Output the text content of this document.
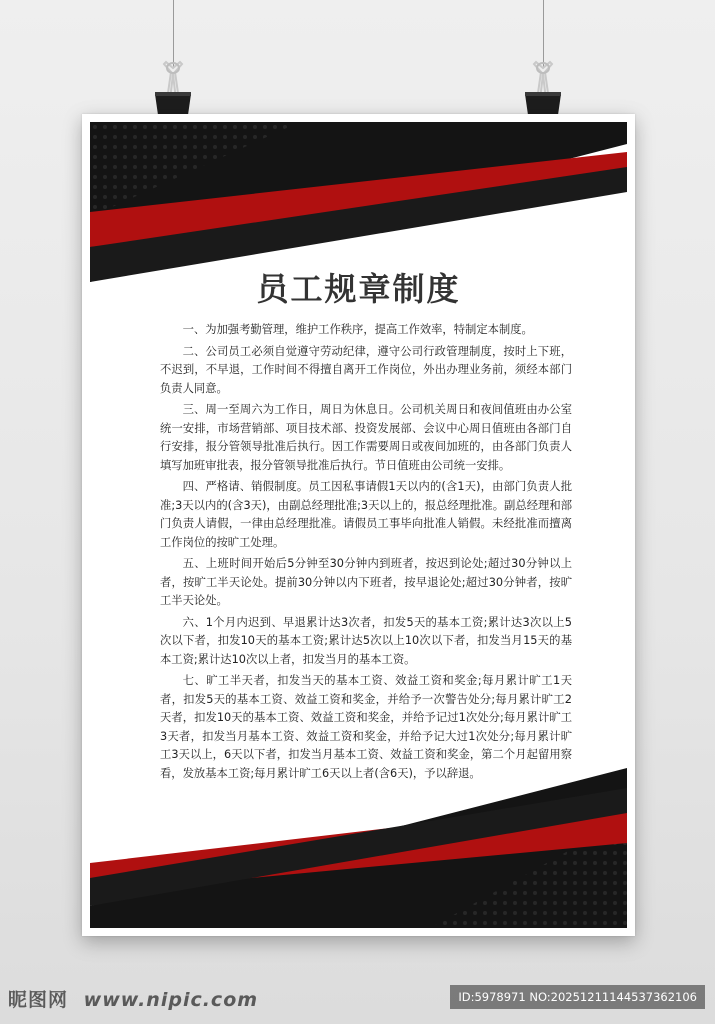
员工规章制度

一、为加强考勤管理，维护工作秩序，提高工作效率，特制定本制度。

二、公司员工必须自觉遵守劳动纪律，遵守公司行政管理制度，按时上下班，不迟到，不早退，工作时间不得擅自离开工作岗位，外出办理业务前，须经本部门负责人同意。

三、周一至周六为工作日，周日为休息日。公司机关周日和夜间值班由办公室统一安排，市场营销部、项目技术部、投资发展部、会议中心周日值班由各部门自行安排，报分管领导批准后执行。因工作需要周日或夜间加班的，由各部门负责人填写加班审批表，报分管领导批准后执行。节日值班由公司统一安排。

四、严格请、销假制度。员工因私事请假1天以内的(含1天)，由部门负责人批准;3天以内的(含3天)，由副总经理批准;3天以上的，报总经理批准。副总经理和部门负责人请假，一律由总经理批准。请假员工事毕向批准人销假。未经批准而擅离工作岗位的按旷工处理。

五、上班时间开始后5分钟至30分钟内到班者，按迟到论处;超过30分钟以上者，按旷工半天论处。提前30分钟以内下班者，按早退论处;超过30分钟者，按旷工半天论处。

六、1个月内迟到、早退累计达3次者，扣发5天的基本工资;累计达3次以上5次以下者，扣发10天的基本工资;累计达5次以上10次以下者，扣发当月15天的基本工资;累计达10次以上者，扣发当月的基本工资。

七、旷工半天者，扣发当天的基本工资、效益工资和奖金;每月累计旷工1天者，扣发5天的基本工资、效益工资和奖金，并给予一次警告处分;每月累计旷工2天者，扣发10天的基本工资、效益工资和奖金，并给予记过1次处分;每月累计旷工3天者，扣发当月基本工资、效益工资和奖金，并给予记大过1次处分;每月累计旷工3天以上，6天以下者，扣发当月基本工资、效益工资和奖金，第二个月起留用察看，发放基本工资;每月累计旷工6天以上者(含6天)，予以辞退。

昵图网 www.nipic.com	ID:5978971 NO:20251211144537362106
